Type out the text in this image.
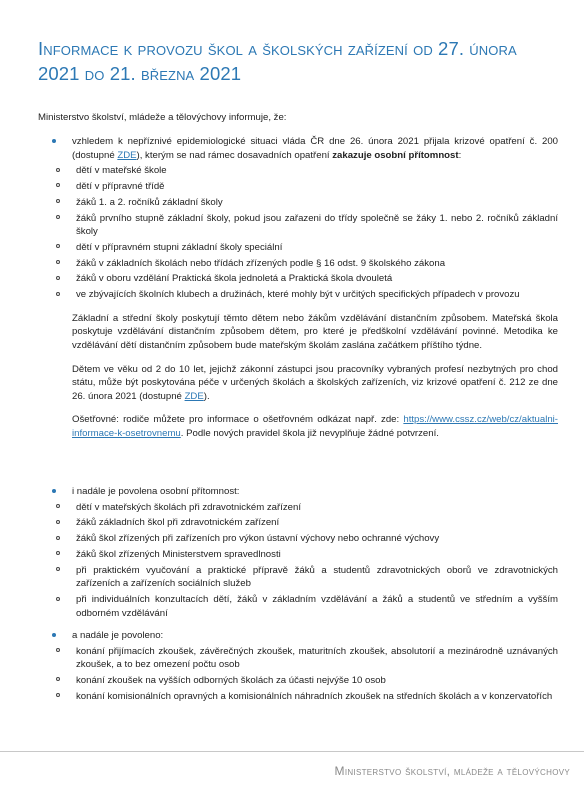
Informace k provozu škol a školských zařízení od 27. února
2021 do 21. března 2021
Ministerstvo školství, mládeže a tělovýchovy informuje, že:
vzhledem k nepříznivé epidemiologické situaci vláda ČR dne 26. února 2021 přijala krizové opatření č. 200 (dostupné ZDE), kterým se nad rámec dosavadních opatření zakazuje osobní přítomnost:
dětí v mateřské škole
dětí v přípravné třídě
žáků 1. a 2. ročníků základní školy
žáků prvního stupně základní školy, pokud jsou zařazeni do třídy společně se žáky 1. nebo 2. ročníků základní školy
dětí v přípravném stupni základní školy speciální
žáků v základních školách nebo třídách zřízených podle § 16 odst. 9 školského zákona
žáků v oboru vzdělání Praktická škola jednoletá a Praktická škola dvouletá
ve zbývajících školních klubech a družinách, které mohly být v určitých specifických případech v provozu
Základní a střední školy poskytují těmto dětem nebo žákům vzdělávání distančním způsobem. Mateřská škola poskytuje vzdělávání distančním způsobem dětem, pro které je předškolní vzdělávání povinné. Metodika ke vzdělávání dětí distančním způsobem bude mateřským školám zaslána začátkem příštího týdne.
Dětem ve věku od 2 do 10 let, jejichž zákonní zástupci jsou pracovníky vybraných profesí nezbytných pro chod státu, může být poskytována péče v určených školách a školských zařízeních, viz krizové opatření č. 212 ze dne 26. února 2021 (dostupné ZDE).
Ošetřovné: rodiče můžete pro informace o ošetřovném odkázat např. zde: https://www.cssz.cz/web/cz/aktualni-informace-k-osetrovnemu. Podle nových pravidel škola již nevyplňuje žádné potvrzení.
i nadále je povolena osobní přítomnost:
dětí v mateřských školách při zdravotnickém zařízení
žáků základních škol při zdravotnickém zařízení
žáků škol zřízených při zařízeních pro výkon ústavní výchovy nebo ochranné výchovy
žáků škol zřízených Ministerstvem spravedlnosti
při praktickém vyučování a praktické přípravě žáků a studentů zdravotnických oborů ve zdravotnických zařízeních a zařízeních sociálních služeb
při individuálních konzultacích dětí, žáků v základním vzdělávání a žáků a studentů ve středním a vyšším odborném vzdělávání
a nadále je povoleno:
konání přijímacích zkoušek, závěrečných zkoušek, maturitních zkoušek, absolutorií a mezinárodně uznávaných zkoušek, a to bez omezení počtu osob
konání zkoušek na vyšších odborných školách za účasti nejvýše 10 osob
konání komisionálních opravných a komisionálních náhradních zkoušek na středních školách a v konzervatořích
Ministerstvo školství, mládeže a tělovýchovy
